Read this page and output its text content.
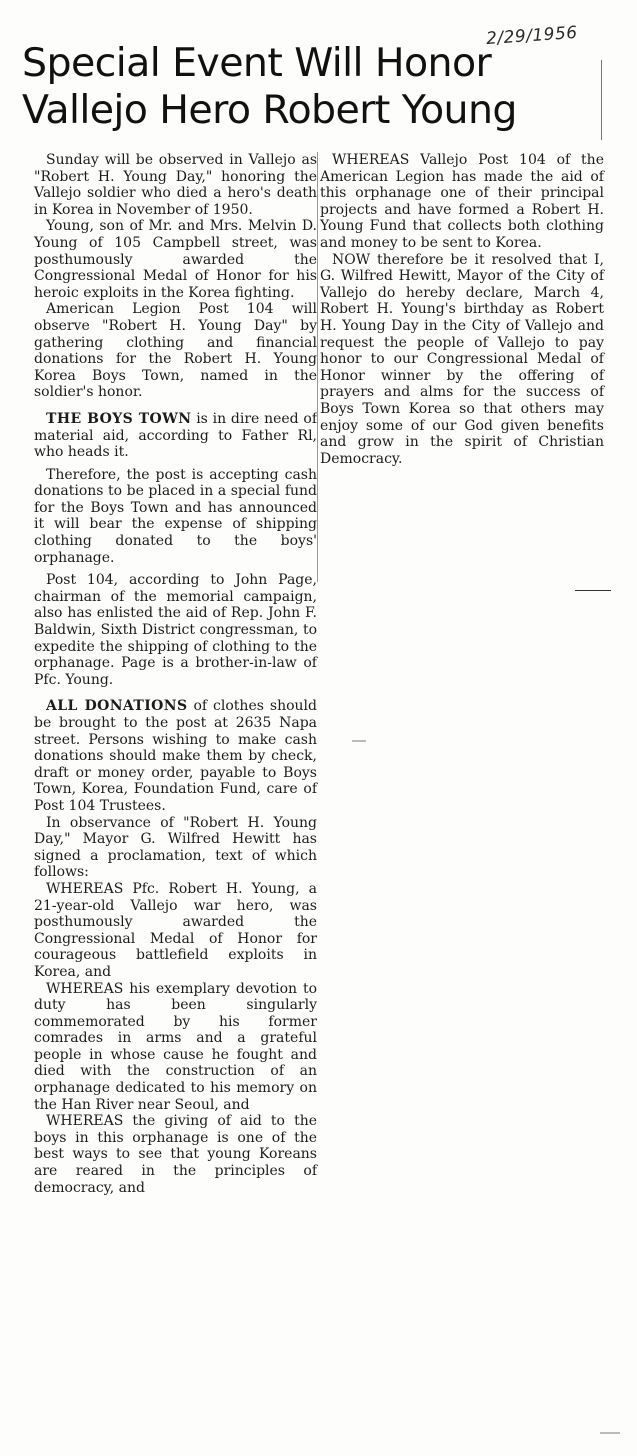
2/29/1956
Special Event Will Honor
Vallejo Hero Robert Young

Sunday will be observed in Vallejo as "Robert H. Young Day," honoring the Vallejo soldier who died a hero's death in Korea in November of 1950.

Young, son of Mr. and Mrs. Melvin D. Young of 105 Campbell street, was posthumously awarded the Congressional Medal of Honor for his heroic exploits in the Korea fighting.

American Legion Post 104 will observe "Robert H. Young Day" by gathering clothing and financial donations for the Robert H. Young Korea Boys Town, named in the soldier's honor.

THE BOYS TOWN is in dire need of material aid, according to Father Rl, who heads it.

Therefore, the post is accepting cash donations to be placed in a special fund for the Boys Town and has announced it will bear the expense of shipping clothing donated to the boys' orphanage.

Post 104, according to John Page, chairman of the memorial campaign, also has enlisted the aid of Rep. John F. Baldwin, Sixth District congressman, to expedite the shipping of clothing to the orphanage. Page is a brother-in-law of Pfc. Young.

ALL DONATIONS of clothes should be brought to the post at 2635 Napa street. Persons wishing to make cash donations should make them by check, draft or money order, payable to Boys Town, Korea, Foundation Fund, care of Post 104 Trustees.

In observance of "Robert H. Young Day," Mayor G. Wilfred Hewitt has signed a proclamation, text of which follows:

WHEREAS Pfc. Robert H. Young, a 21-year-old Vallejo war hero, was posthumously awarded the Congressional Medal of Honor for courageous battlefield exploits in Korea, and

WHEREAS his exemplary devotion to duty has been singularly commemorated by his former comrades in arms and a grateful people in whose cause he fought and died with the construction of an orphanage dedicated to his memory on the Han River near Seoul, and

WHEREAS the giving of aid to the boys in this orphanage is one of the best ways to see that young Koreans are reared in the principles of democracy, and

WHEREAS Vallejo Post 104 of the American Legion has made the aid of this orphanage one of their principal projects and have formed a Robert H. Young Fund that collects both clothing and money to be sent to Korea.

NOW therefore be it resolved that I, G. Wilfred Hewitt, Mayor of the City of Vallejo do hereby declare, March 4, Robert H. Young's birthday as Robert H. Young Day in the City of Vallejo and request the people of Vallejo to pay honor to our Congressional Medal of Honor winner by the offering of prayers and alms for the success of Boys Town Korea so that others may enjoy some of our God given benefits and grow in the spirit of Christian Democracy.
